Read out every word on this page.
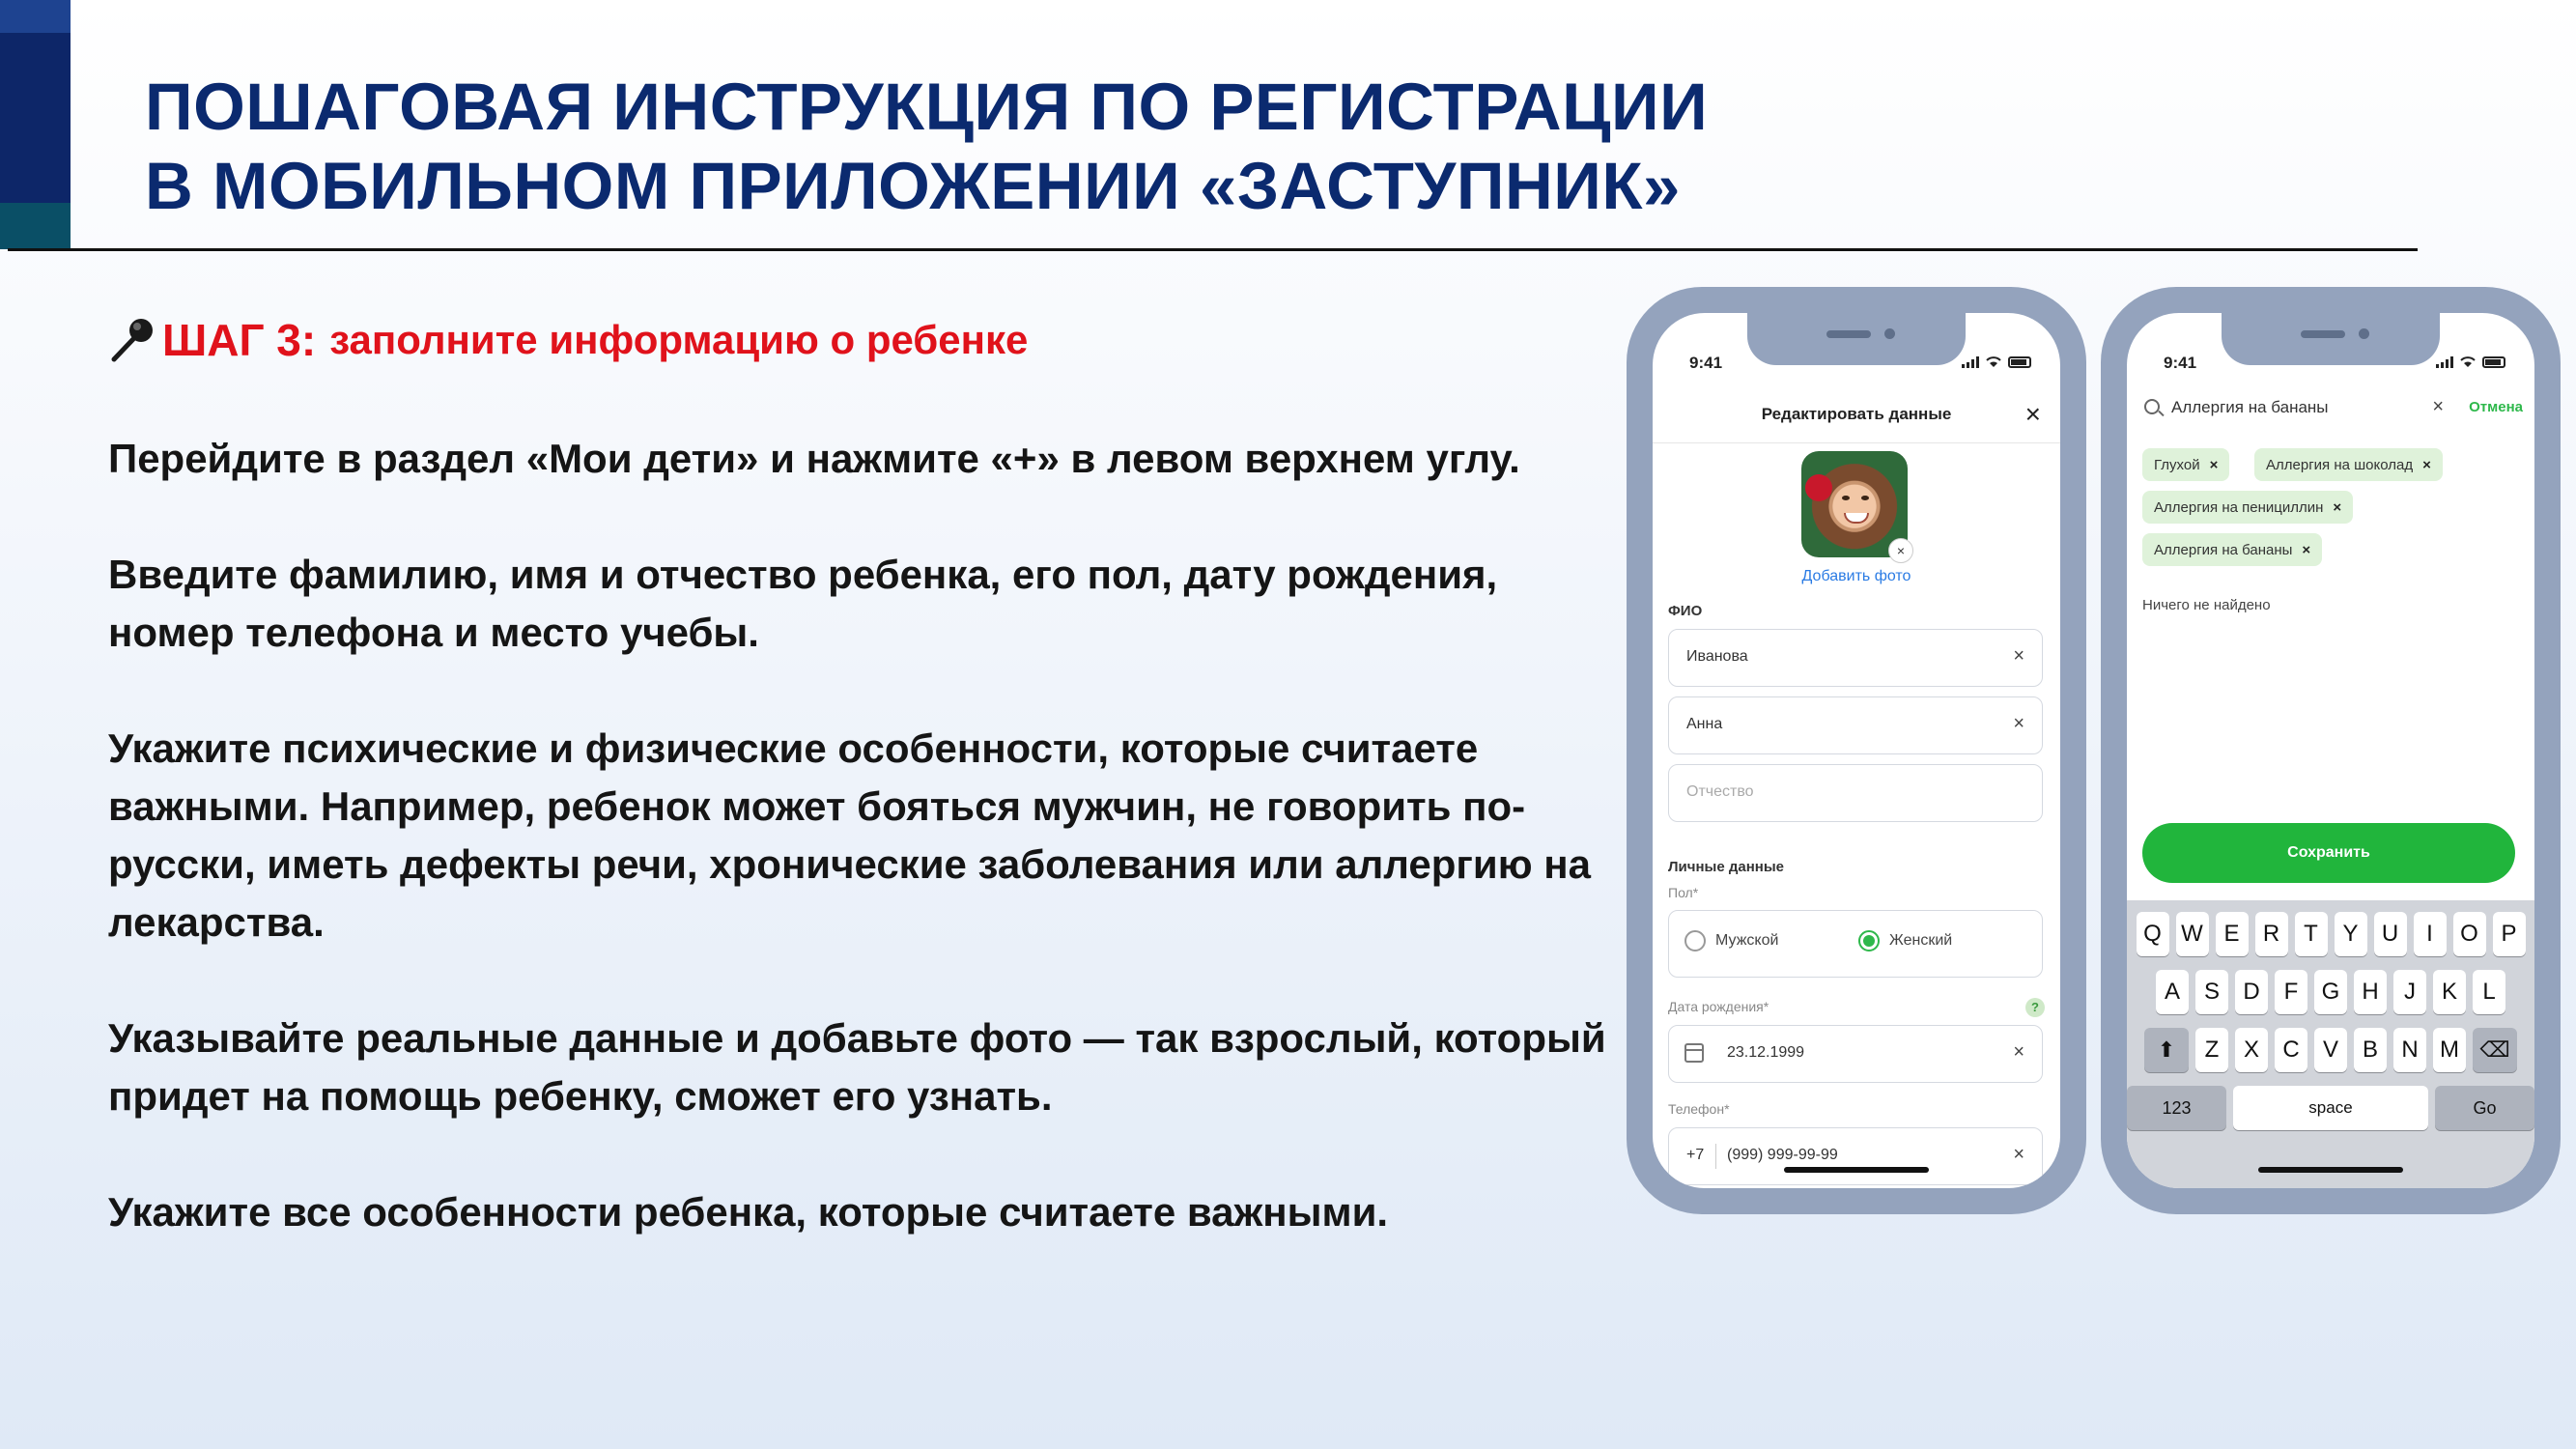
ПОШАГОВАЯ ИНСТРУКЦИЯ ПО РЕГИСТРАЦИИ
В МОБИЛЬНОМ ПРИЛОЖЕНИИ «ЗАСТУПНИК»
ШАГ 3: заполните информацию о ребенке
Перейдите в раздел «Мои дети» и нажмите «+» в левом верхнем углу.
Введите фамилию, имя и отчество ребенка, его пол, дату рождения, номер телефона и место учебы.
Укажите психические и физические особенности, которые считаете важными. Например, ребенок может бояться мужчин, не говорить по-русски, иметь дефекты речи, хронические заболевания или аллергию на лекарства.
Указывайте реальные данные и добавьте фото — так взрослый, который придет на помощь ребенку, сможет его узнать.
Укажите все особенности ребенка, которые считаете важными.
9:41
Редактировать данные	×
×
Добавить фото
ФИО
Иванова	×
Анна	×
Отчество
Личные данные
Пол*
Мужской	Женский
Дата рождения*	?
23.12.1999	×
Телефон*
+7 (999) 999-99-99	×
9:41
Аллергия на бананы	× Отмена
Глухой ×	Аллергия на шоколад ×
Аллергия на пенициллин ×
Аллергия на бананы ×
Ничего не найдено
Сохранить
Q W E	R	T	Y	U	I	O P
A	S	D	F	G H	J	K	L
⬆	Z	X	C	V	B	N M ⌫
123	space	Go
